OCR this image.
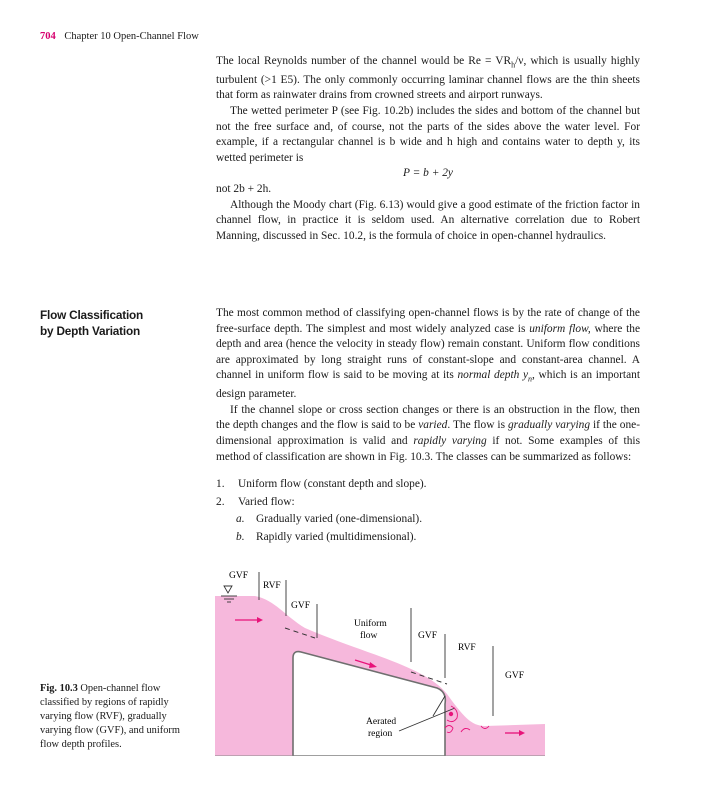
704 Chapter 10 Open-Channel Flow

The local Reynolds number of the channel would be $Re = VR_h/\nu$, which is usually highly turbulent (>1 E5). The only commonly occurring laminar channel flows are the thin sheets that form as rainwater drains from crowned streets and airport runways.

The wetted perimeter P (see Fig. 10.2b) includes the sides and bottom of the channel but not the free surface and, of course, not the parts of the sides above the water level. For example, if a rectangular channel is b wide and h high and contains water to depth y, its wetted perimeter is

P = b + 2y

not 2b + 2h.

Although the Moody chart (Fig. 6.13) would give a good estimate of the friction factor in channel flow, in practice it is seldom used. An alternative correlation due to Robert Manning, discussed in Sec. 10.2, is the formula of choice in open-channel hydraulics.

Flow Classification
by Depth Variation

The most common method of classifying open-channel flows is by the rate of change of the free-surface depth. The simplest and most widely analyzed case is uniform flow, where the depth and area (hence the velocity in steady flow) remain constant. Uniform flow conditions are approximated by long straight runs of constant-slope and constant-area channel. A channel in uniform flow is said to be moving at its normal depth $y_n$, which is an important design parameter.

If the channel slope or cross section changes or there is an obstruction in the flow, then the depth changes and the flow is said to be varied. The flow is gradually varying if the one-dimensional approximation is valid and rapidly varying if not. Some examples of this method of classification are shown in Fig. 10.3. The classes can be summarized as follows:

1.	Uniform flow (constant depth and slope).
2.	Varied flow:
a.	Gradually varied (one-dimensional).
b.	Rapidly varied (multidimensional).
GVF
RVF
GVF
Uniform
flow	GVF
RVF
GVF
Aerated
region
Fig. 10.3 Open-channel flow classified by regions of rapidly varying flow (RVF), gradually varying flow (GVF), and uniform flow depth profiles.
